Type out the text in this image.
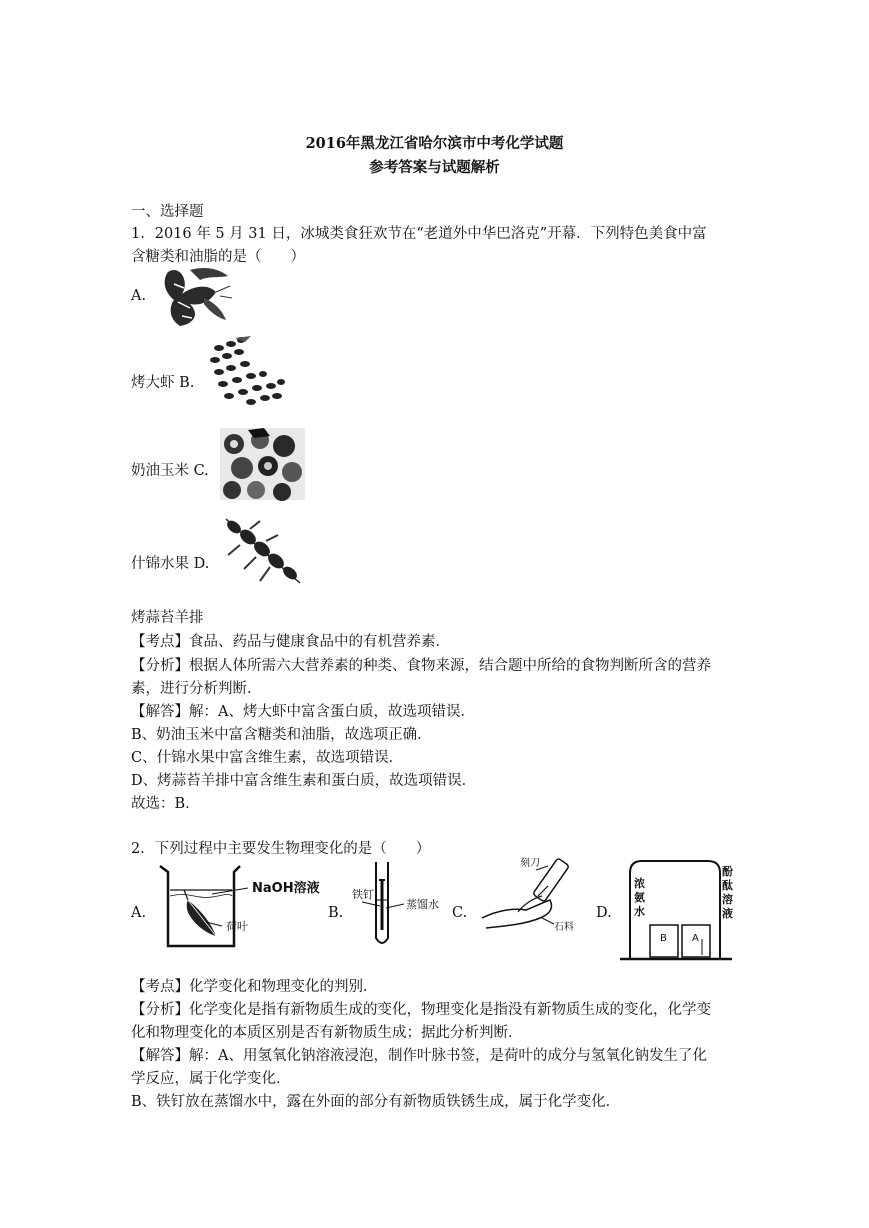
2016年黑龙江省哈尔滨市中考化学试题
参考答案与试题解析
一、选择题
1．2016 年 5 月 31 日，冰城类食狂欢节在“老道外中华巴洛克”开幕．下列特色美食中富
含糖类和油脂的是（　　）
A.
烤大虾 B.
奶油玉米 C.
什锦水果 D.
烤蒜苔羊排
【考点】食品、药品与健康食品中的有机营养素．
【分析】根据人体所需六大营养素的种类、食物来源，结合题中所给的食物判断所含的营养
素，进行分析判断．
【解答】解：A、烤大虾中富含蛋白质，故选项错误．
B、奶油玉米中富含糖类和油脂，故选项正确．
C、什锦水果中富含维生素，故选项错误．
D、烤蒜苔羊排中富含维生素和蛋白质，故选项错误．
故选：B．
2．下列过程中主要发生物理变化的是（　　）
A.
NaOH溶液
荷叶
B.
铁钉
蒸馏水
C.
刻刀
石料
D.
B	A
浓氨水
酚酞溶液
【考点】化学变化和物理变化的判别．
【分析】化学变化是指有新物质生成的变化，物理变化是指没有新物质生成的变化，化学变
化和物理变化的本质区别是否有新物质生成；据此分析判断．
【解答】解：A、用氢氧化钠溶液浸泡，制作叶脉书签，是荷叶的成分与氢氧化钠发生了化
学反应，属于化学变化．
B、铁钉放在蒸馏水中，露在外面的部分有新物质铁锈生成，属于化学变化．
